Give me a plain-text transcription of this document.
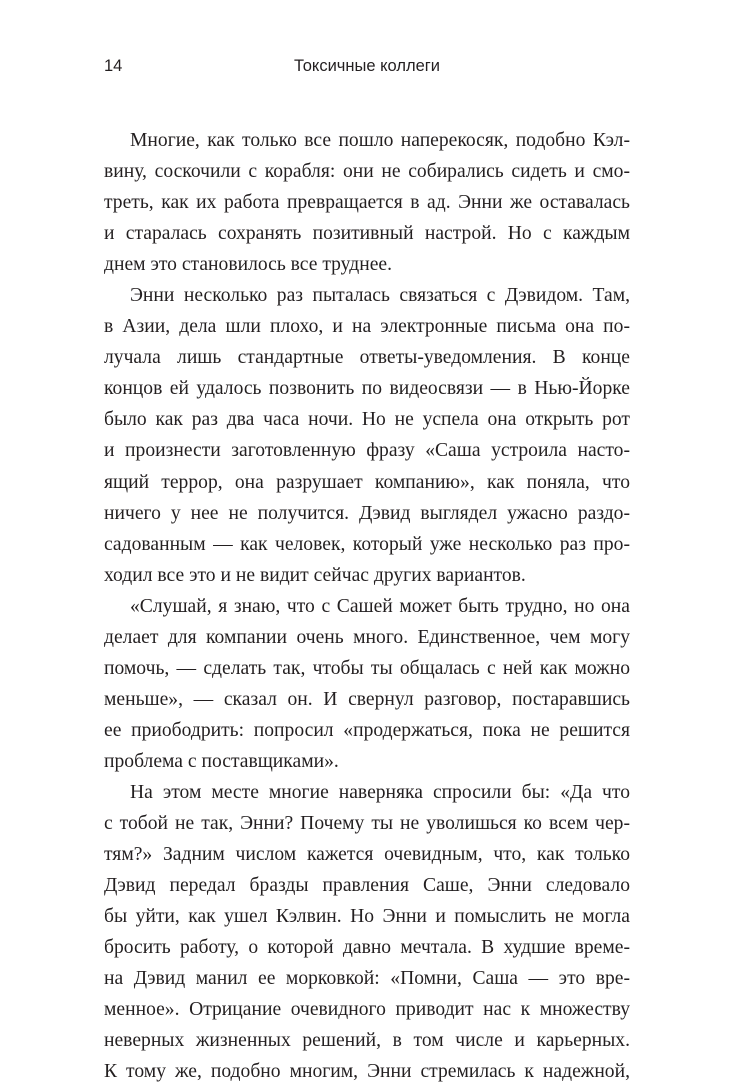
14	Токсичные коллеги
Многие, как только все пошло наперекосяк, подобно Кэл-
вину, соскочили с корабля: они не собирались сидеть и смо-
треть, как их работа превращается в ад. Энни же оставалась
и старалась сохранять позитивный настрой. Но с каждым
днем это становилось все труднее.
Энни несколько раз пыталась связаться с Дэвидом. Там,
в Азии, дела шли плохо, и на электронные письма она по-
лучала лишь стандартные ответы-уведомления. В конце
концов ей удалось позвонить по видеосвязи — в Нью-Йорке
было как раз два часа ночи. Но не успела она открыть рот
и произнести заготовленную фразу «Саша устроила насто-
ящий террор, она разрушает компанию», как поняла, что
ничего у нее не получится. Дэвид выглядел ужасно раздо-
садованным — как человек, который уже несколько раз про-
ходил все это и не видит сейчас других вариантов.
«Слушай, я знаю, что с Сашей может быть трудно, но она
делает для компании очень много. Единственное, чем могу
помочь, — сделать так, чтобы ты общалась с ней как можно
меньше», — сказал он. И свернул разговор, постаравшись
ее приободрить: попросил «продержаться, пока не решится
проблема с поставщиками».
На этом месте многие наверняка спросили бы: «Да что
с тобой не так, Энни? Почему ты не уволишься ко всем чер-
тям?» Задним числом кажется очевидным, что, как только
Дэвид передал бразды правления Саше, Энни следовало
бы уйти, как ушел Кэлвин. Но Энни и помыслить не могла
бросить работу, о которой давно мечтала. В худшие време-
на Дэвид манил ее морковкой: «Помни, Саша — это вре-
менное». Отрицание очевидного приводит нас к множеству
неверных жизненных решений, в том числе и карьерных.
К тому же, подобно многим, Энни стремилась к надежной,
